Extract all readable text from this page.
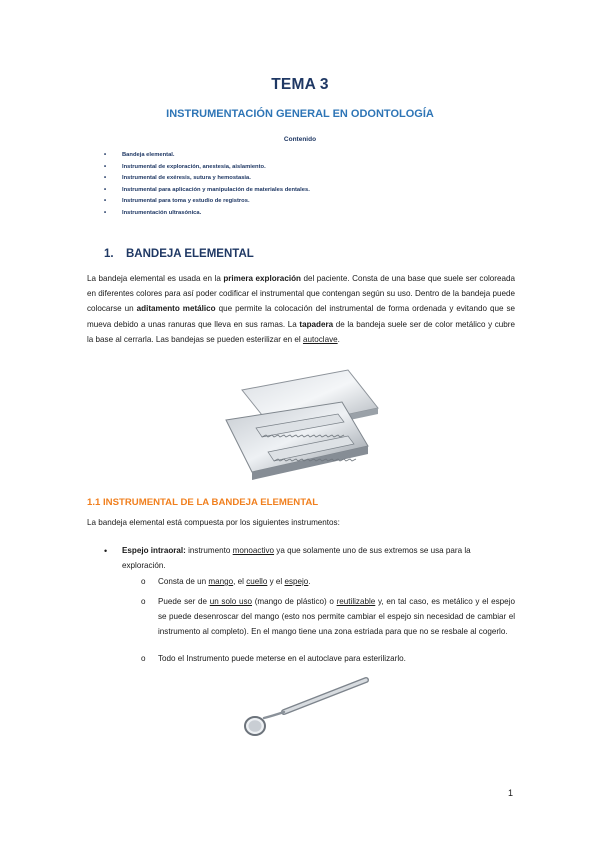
TEMA 3
INSTRUMENTACIÓN GENERAL EN ODONTOLOGÍA
Contenido
•	Bandeja elemental.
•	Instrumental de exploración, anestesia, aislamiento.
•	Instrumental de exéresis, sutura y hemostasia.
•	Instrumental para aplicación y manipulación de materiales dentales.
•	Instrumental para toma y estudio de registros.
•	Instrumentación ultrasónica.
1. BANDEJA ELEMENTAL
La bandeja elemental es usada en la primera exploración del paciente. Consta de una base que suele ser coloreada en diferentes colores para así poder codificar el instrumental que contengan según su uso. Dentro de la bandeja puede colocarse un aditamento metálico que permite la colocación del instrumental de forma ordenada y evitando que se mueva debido a unas ranuras que lleva en sus ramas. La tapadera de la bandeja suele ser de color metálico y cubre la base al cerrarla. Las bandejas se pueden esterilizar en el autoclave.
1.1 INSTRUMENTAL DE LA BANDEJA ELEMENTAL
La bandeja elemental está compuesta por los siguientes instrumentos:
•	Espejo intraoral: instrumento monoactivo ya que solamente uno de sus extremos se usa para la exploración.
o	Consta de un mango, el cuello y el espejo.
o	Puede ser de un solo uso (mango de plástico) o reutilizable y, en tal caso, es metálico y el espejo se puede desenroscar del mango (esto nos permite cambiar el espejo sin necesidad de cambiar el instrumento al completo). En el mango tiene una zona estriada para que no se resbale al cogerlo.
o	Todo el Instrumento puede meterse en el autoclave para esterilizarlo.
1
